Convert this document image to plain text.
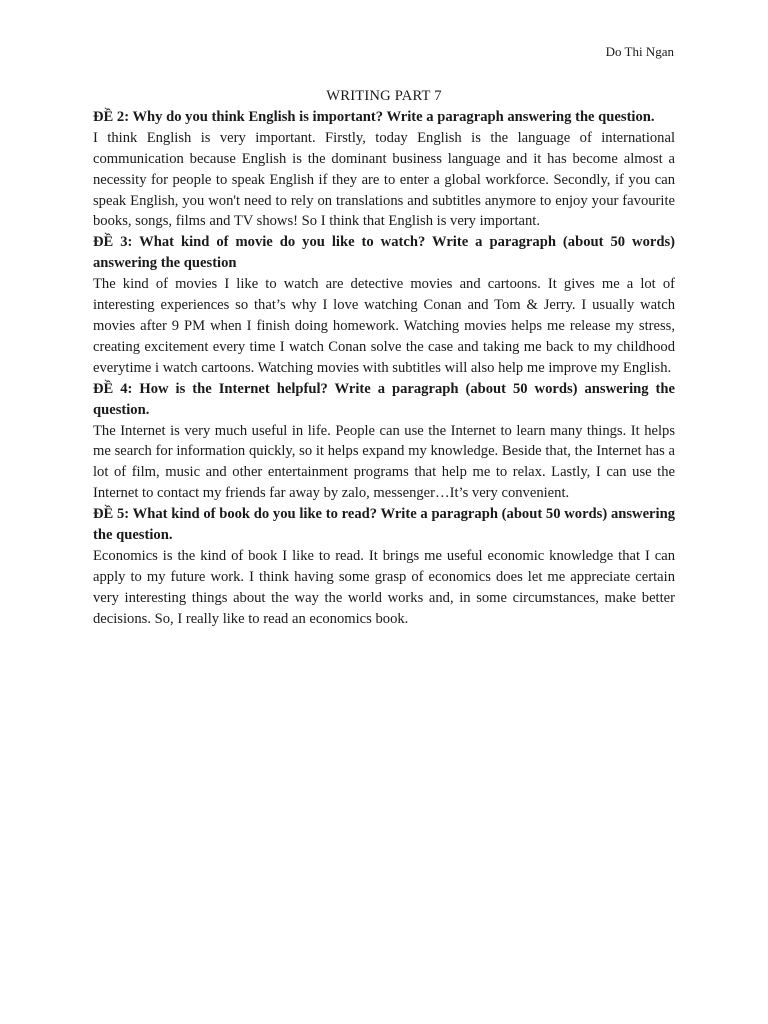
Do Thi Ngan

WRITING PART 7

ĐỀ 2: Why do you think English is important? Write a paragraph answering the question.

I think English is very important. Firstly, today English is the language of international communication because English is the dominant business language and it has become almost a necessity for people to speak English if they are to enter a global workforce. Secondly, if you can speak English, you won't need to rely on translations and subtitles anymore to enjoy your favourite books, songs, films and TV shows! So I think that English is very important.

ĐỀ 3: What kind of movie do you like to watch? Write a paragraph (about 50 words) answering the question

The kind of movies I like to watch are detective movies and cartoons. It gives me a lot of interesting experiences so that’s why I love watching Conan and Tom & Jerry. I usually watch movies after 9 PM when I finish doing homework. Watching movies helps me release my stress, creating excitement every time I watch Conan solve the case and taking me back to my childhood everytime i watch cartoons. Watching movies with subtitles will also help me improve my English.

ĐỀ 4: How is the Internet helpful? Write a paragraph (about 50 words) answering the question.

The Internet is very much useful in life. People can use the Internet to learn many things. It helps me search for information quickly, so it helps expand my knowledge. Beside that, the Internet has a lot of film, music and other entertainment programs that help me to relax. Lastly, I can use the Internet to contact my friends far away by zalo, messenger…It’s very convenient.

ĐỀ 5: What kind of book do you like to read? Write a paragraph (about 50 words) answering the question.

Economics is the kind of book I like to read. It brings me useful economic knowledge that I can apply to my future work. I think having some grasp of economics does let me appreciate certain very interesting things about the way the world works and, in some circumstances, make better decisions. So, I really like to read an economics book.
